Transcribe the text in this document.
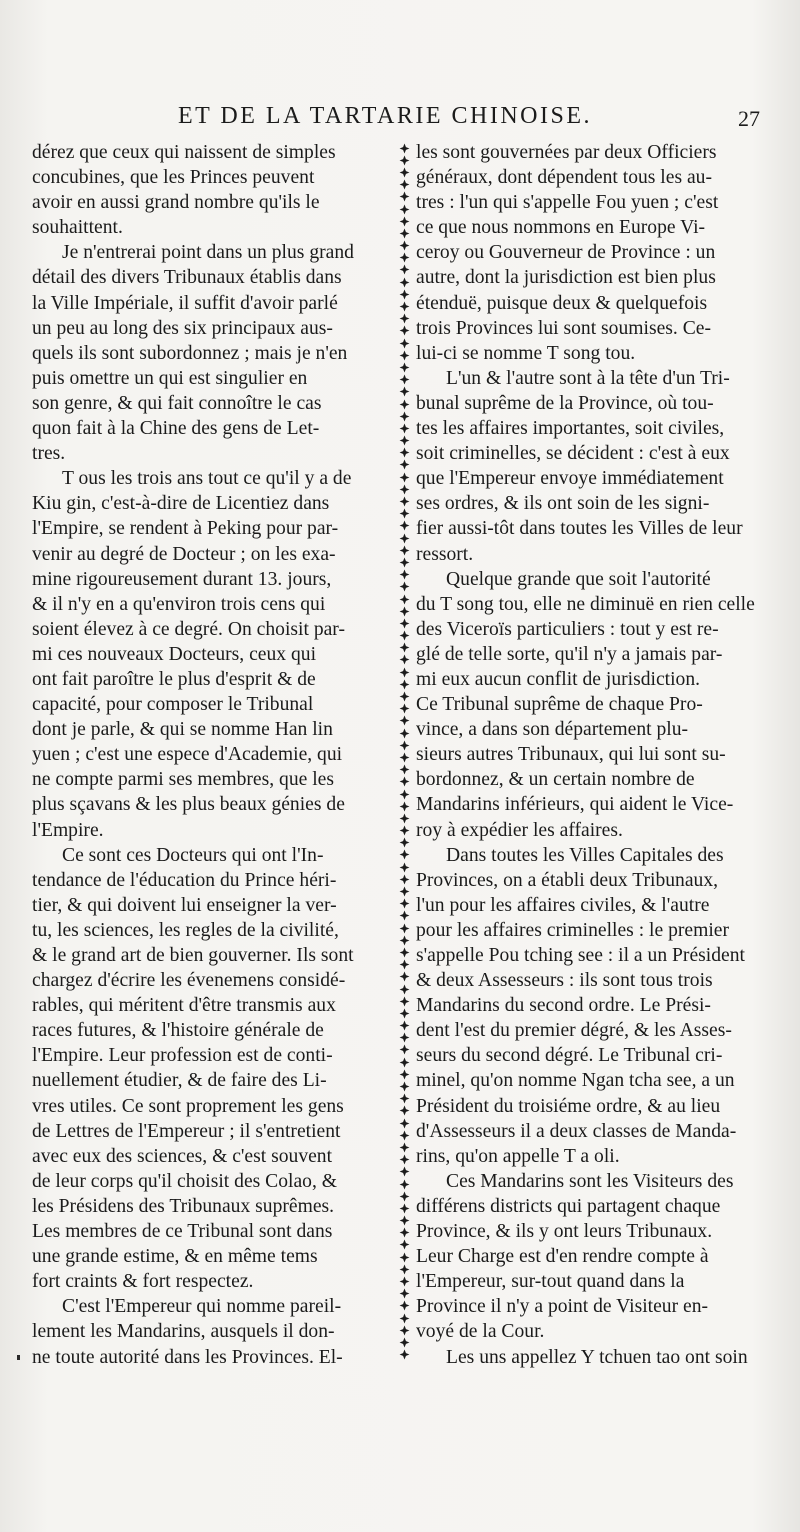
ET DE LA TARTARIE CHINOISE.	27
dérez que ceux qui naissent de simples
concubines, que les Princes peuvent
avoir en aussi grand nombre qu'ils le
souhaittent.
Je n'entrerai point dans un plus grand
détail des divers Tribunaux établis dans
la Ville Impériale, il suffit d'avoir parlé
un peu au long des six principaux aus-
quels ils sont subordonnez ; mais je n'en
puis omettre un qui est singulier en
son genre, & qui fait connoître le cas
quon fait à la Chine des gens de Let-
tres.
T ous les trois ans tout ce qu'il y a de
Kiu gin, c'est-à-dire de Licentiez dans
l'Empire, se rendent à Peking pour par-
venir au degré de Docteur ; on les exa-
mine rigoureusement durant 13. jours,
& il n'y en a qu'environ trois cens qui
soient élevez à ce degré. On choisit par-
mi ces nouveaux Docteurs, ceux qui
ont fait paroître le plus d'esprit & de
capacité, pour composer le Tribunal
dont je parle, & qui se nomme Han lin
yuen ; c'est une espece d'Academie, qui
ne compte parmi ses membres, que les
plus sçavans & les plus beaux génies de
l'Empire.
Ce sont ces Docteurs qui ont l'In-
tendance de l'éducation du Prince héri-
tier, & qui doivent lui enseigner la ver-
tu, les sciences, les regles de la civilité,
& le grand art de bien gouverner. Ils sont
chargez d'écrire les évenemens considé-
rables, qui méritent d'être transmis aux
races futures, & l'histoire générale de
l'Empire. Leur profession est de conti-
nuellement étudier, & de faire des Li-
vres utiles. Ce sont proprement les gens
de Lettres de l'Empereur ; il s'entretient
avec eux des sciences, & c'est souvent
de leur corps qu'il choisit des Colao, &
les Présidens des Tribunaux suprêmes.
Les membres de ce Tribunal sont dans
une grande estime, & en même tems
fort craints & fort respectez.
C'est l'Empereur qui nomme pareil-
lement les Mandarins, ausquels il don-
ne toute autorité dans les Provinces. El-
les sont gouvernées par deux Officiers
généraux, dont dépendent tous les au-
tres : l'un qui s'appelle Fou yuen ; c'est
ce que nous nommons en Europe Vi-
ceroy ou Gouverneur de Province : un
autre, dont la jurisdiction est bien plus
étenduë, puisque deux & quelquefois
trois Provinces lui sont soumises. Ce-
lui-ci se nomme T song tou.
L'un & l'autre sont à la tête d'un Tri-
bunal suprême de la Province, où tou-
tes les affaires importantes, soit civiles,
soit criminelles, se décident : c'est à eux
que l'Empereur envoye immédiatement
ses ordres, & ils ont soin de les signi-
fier aussi-tôt dans toutes les Villes de leur
ressort.
Quelque grande que soit l'autorité
du T song tou, elle ne diminuë en rien celle
des Viceroïs particuliers : tout y est re-
glé de telle sorte, qu'il n'y a jamais par-
mi eux aucun conflit de jurisdiction.
Ce Tribunal suprême de chaque Pro-
vince, a dans son département plu-
sieurs autres Tribunaux, qui lui sont su-
bordonnez, & un certain nombre de
Mandarins inférieurs, qui aident le Vice-
roy à expédier les affaires.
Dans toutes les Villes Capitales des
Provinces, on a établi deux Tribunaux,
l'un pour les affaires civiles, & l'autre
pour les affaires criminelles : le premier
s'appelle Pou tching see : il a un Président
& deux Assesseurs : ils sont tous trois
Mandarins du second ordre. Le Prési-
dent l'est du premier dégré, & les Asses-
seurs du second dégré. Le Tribunal cri-
minel, qu'on nomme Ngan tcha see, a un
Président du troisiéme ordre, & au lieu
d'Assesseurs il a deux classes de Manda-
rins, qu'on appelle T a oli.
Ces Mandarins sont les Visiteurs des
différens districts qui partagent chaque
Province, & ils y ont leurs Tribunaux.
Leur Charge est d'en rendre compte à
l'Empereur, sur-tout quand dans la
Province il n'y a point de Visiteur en-
voyé de la Cour.
Les uns appellez Y tchuen tao ont soin
